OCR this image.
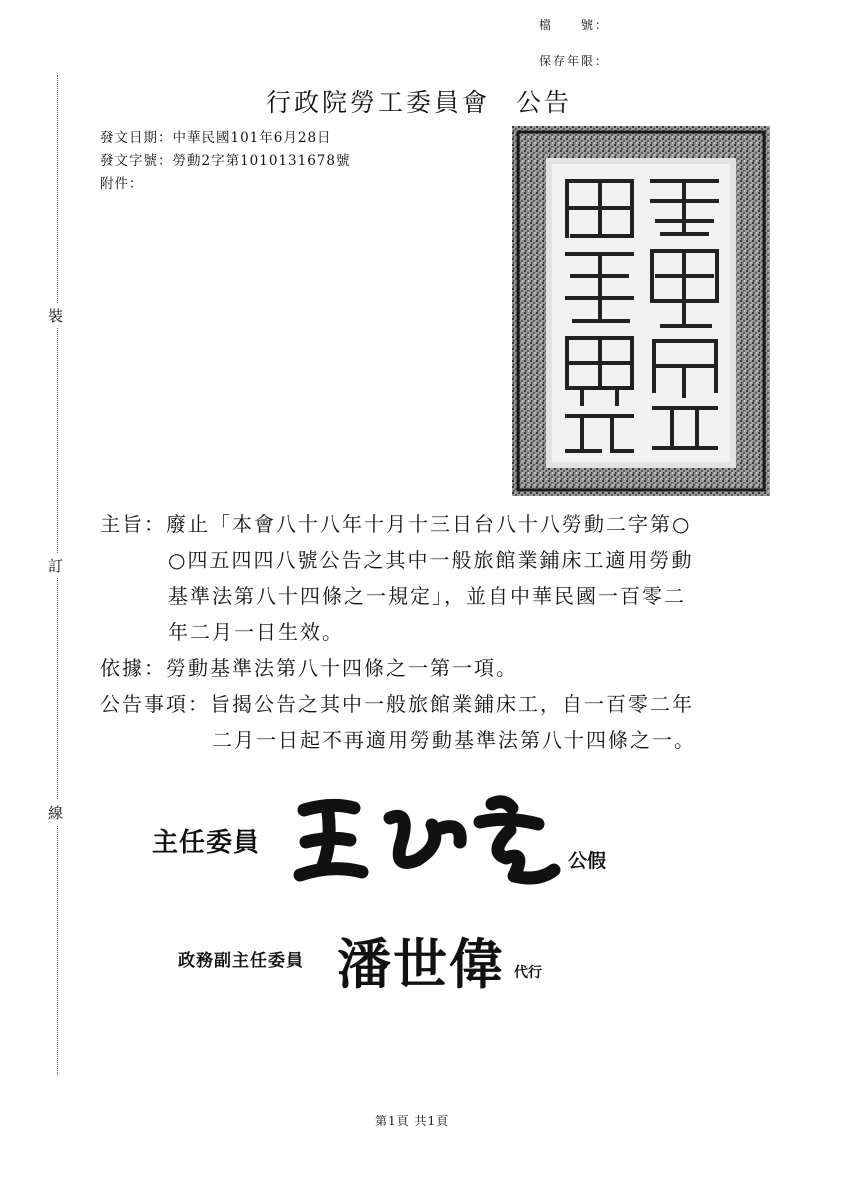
裝
訂
線
檔　　號：
保存年限：
行政院勞工委員會 公告
發文日期：中華民國101年6月28日
發文字號：勞動2字第1010131678號
附件：
主旨：廢止「本會八十八年十月十三日台八十八勞動二字第○
○四五四四八號公告之其中一般旅館業鋪床工適用勞動
基準法第八十四條之一規定」，並自中華民國一百零二
年二月一日生效。
依據：勞動基準法第八十四條之一第一項。
公告事項：旨揭公告之其中一般旅館業鋪床工，自一百零二年
二月一日起不再適用勞動基準法第八十四條之一。
主任委員
公假
政務副主任委員 潘世偉 代行
第1頁 共1頁
